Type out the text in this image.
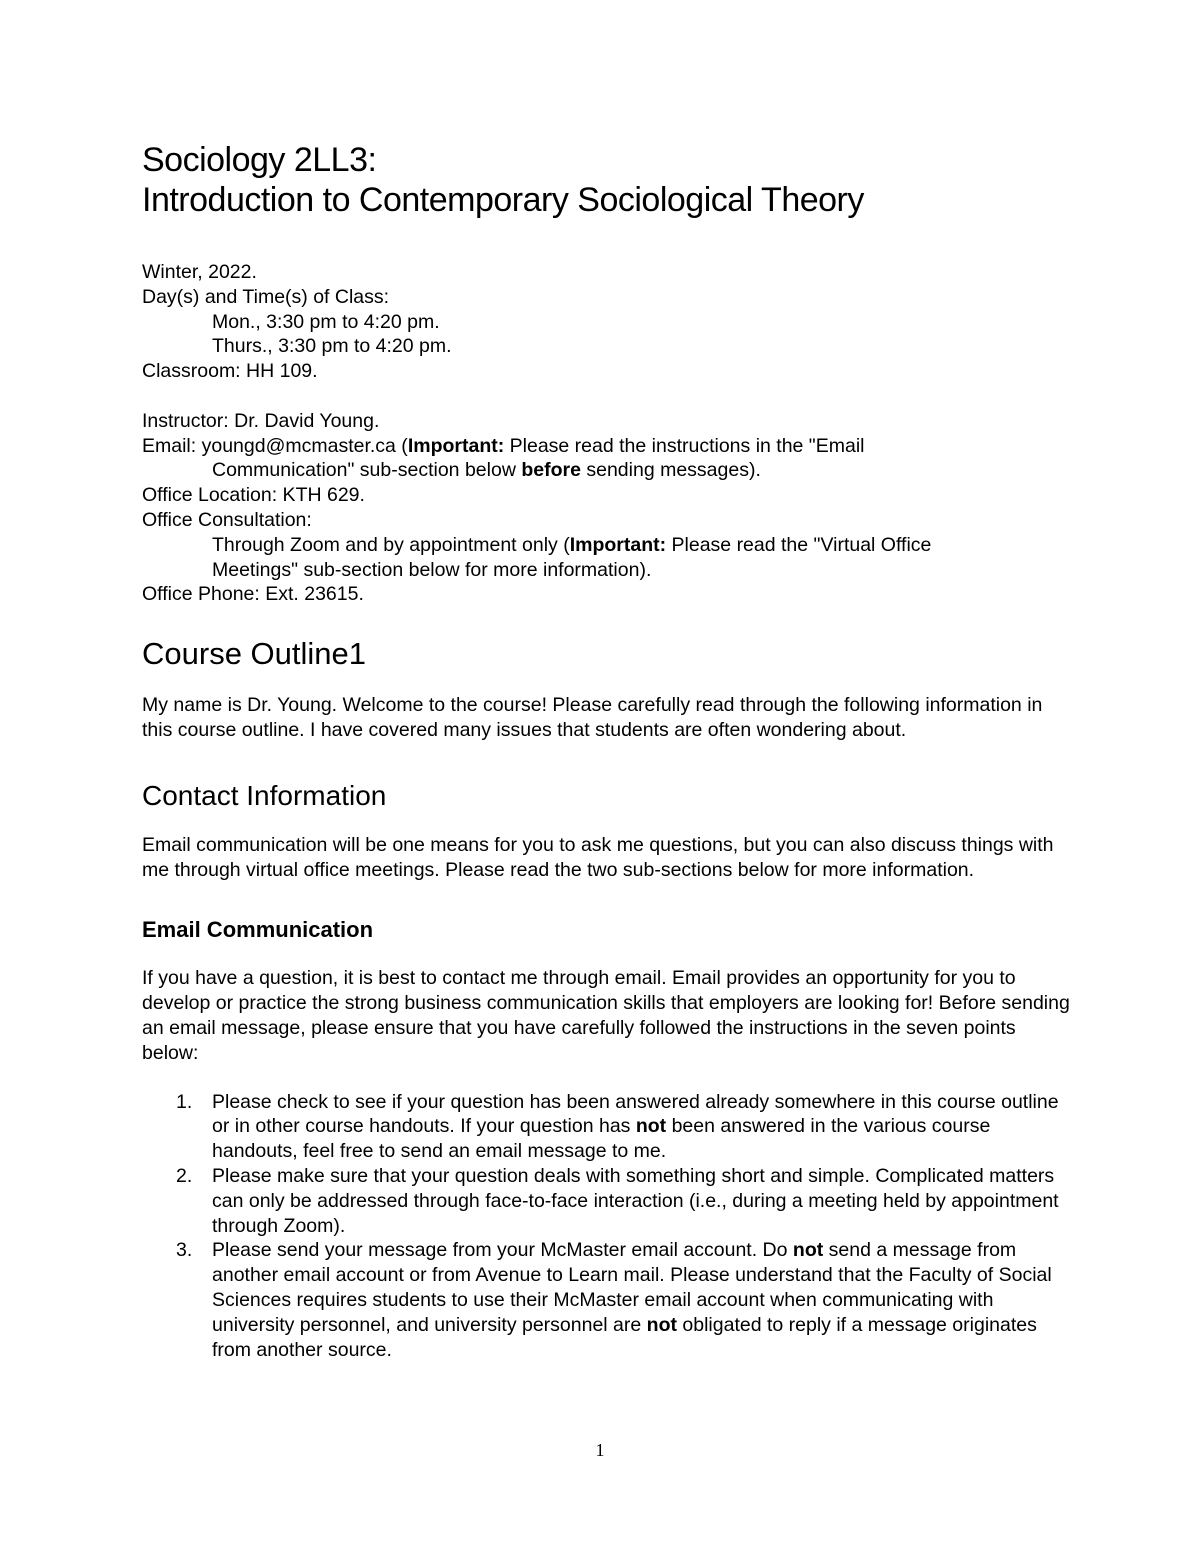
Sociology 2LL3:
Introduction to Contemporary Sociological Theory
Winter, 2022.
Day(s) and Time(s) of Class:
Mon., 3:30 pm to 4:20 pm.
Thurs., 3:30 pm to 4:20 pm.
Classroom: HH 109.
Instructor: Dr. David Young.
Email: youngd@mcmaster.ca (Important: Please read the instructions in the "Email
Communication" sub-section below before sending messages).
Office Location: KTH 629.
Office Consultation:
Through Zoom and by appointment only (Important: Please read the "Virtual Office
Meetings" sub-section below for more information).
Office Phone: Ext. 23615.
Course Outline1

My name is Dr. Young. Welcome to the course! Please carefully read through the following information in this course outline. I have covered many issues that students are often wondering about.

Contact Information

Email communication will be one means for you to ask me questions, but you can also discuss things with me through virtual office meetings. Please read the two sub-sections below for more information.

Email Communication

If you have a question, it is best to contact me through email. Email provides an opportunity for you to develop or practice the strong business communication skills that employers are looking for! Before sending an email message, please ensure that you have carefully followed the instructions in the seven points below:

1. Please check to see if your question has been answered already somewhere in this course outline or in other course handouts. If your question has not been answered in the various course handouts, feel free to send an email message to me.
2. Please make sure that your question deals with something short and simple. Complicated matters can only be addressed through face-to-face interaction (i.e., during a meeting held by appointment through Zoom).
3. Please send your message from your McMaster email account. Do not send a message from another email account or from Avenue to Learn mail. Please understand that the Faculty of Social Sciences requires students to use their McMaster email account when communicating with university personnel, and university personnel are not obligated to reply if a message originates from another source.
1
